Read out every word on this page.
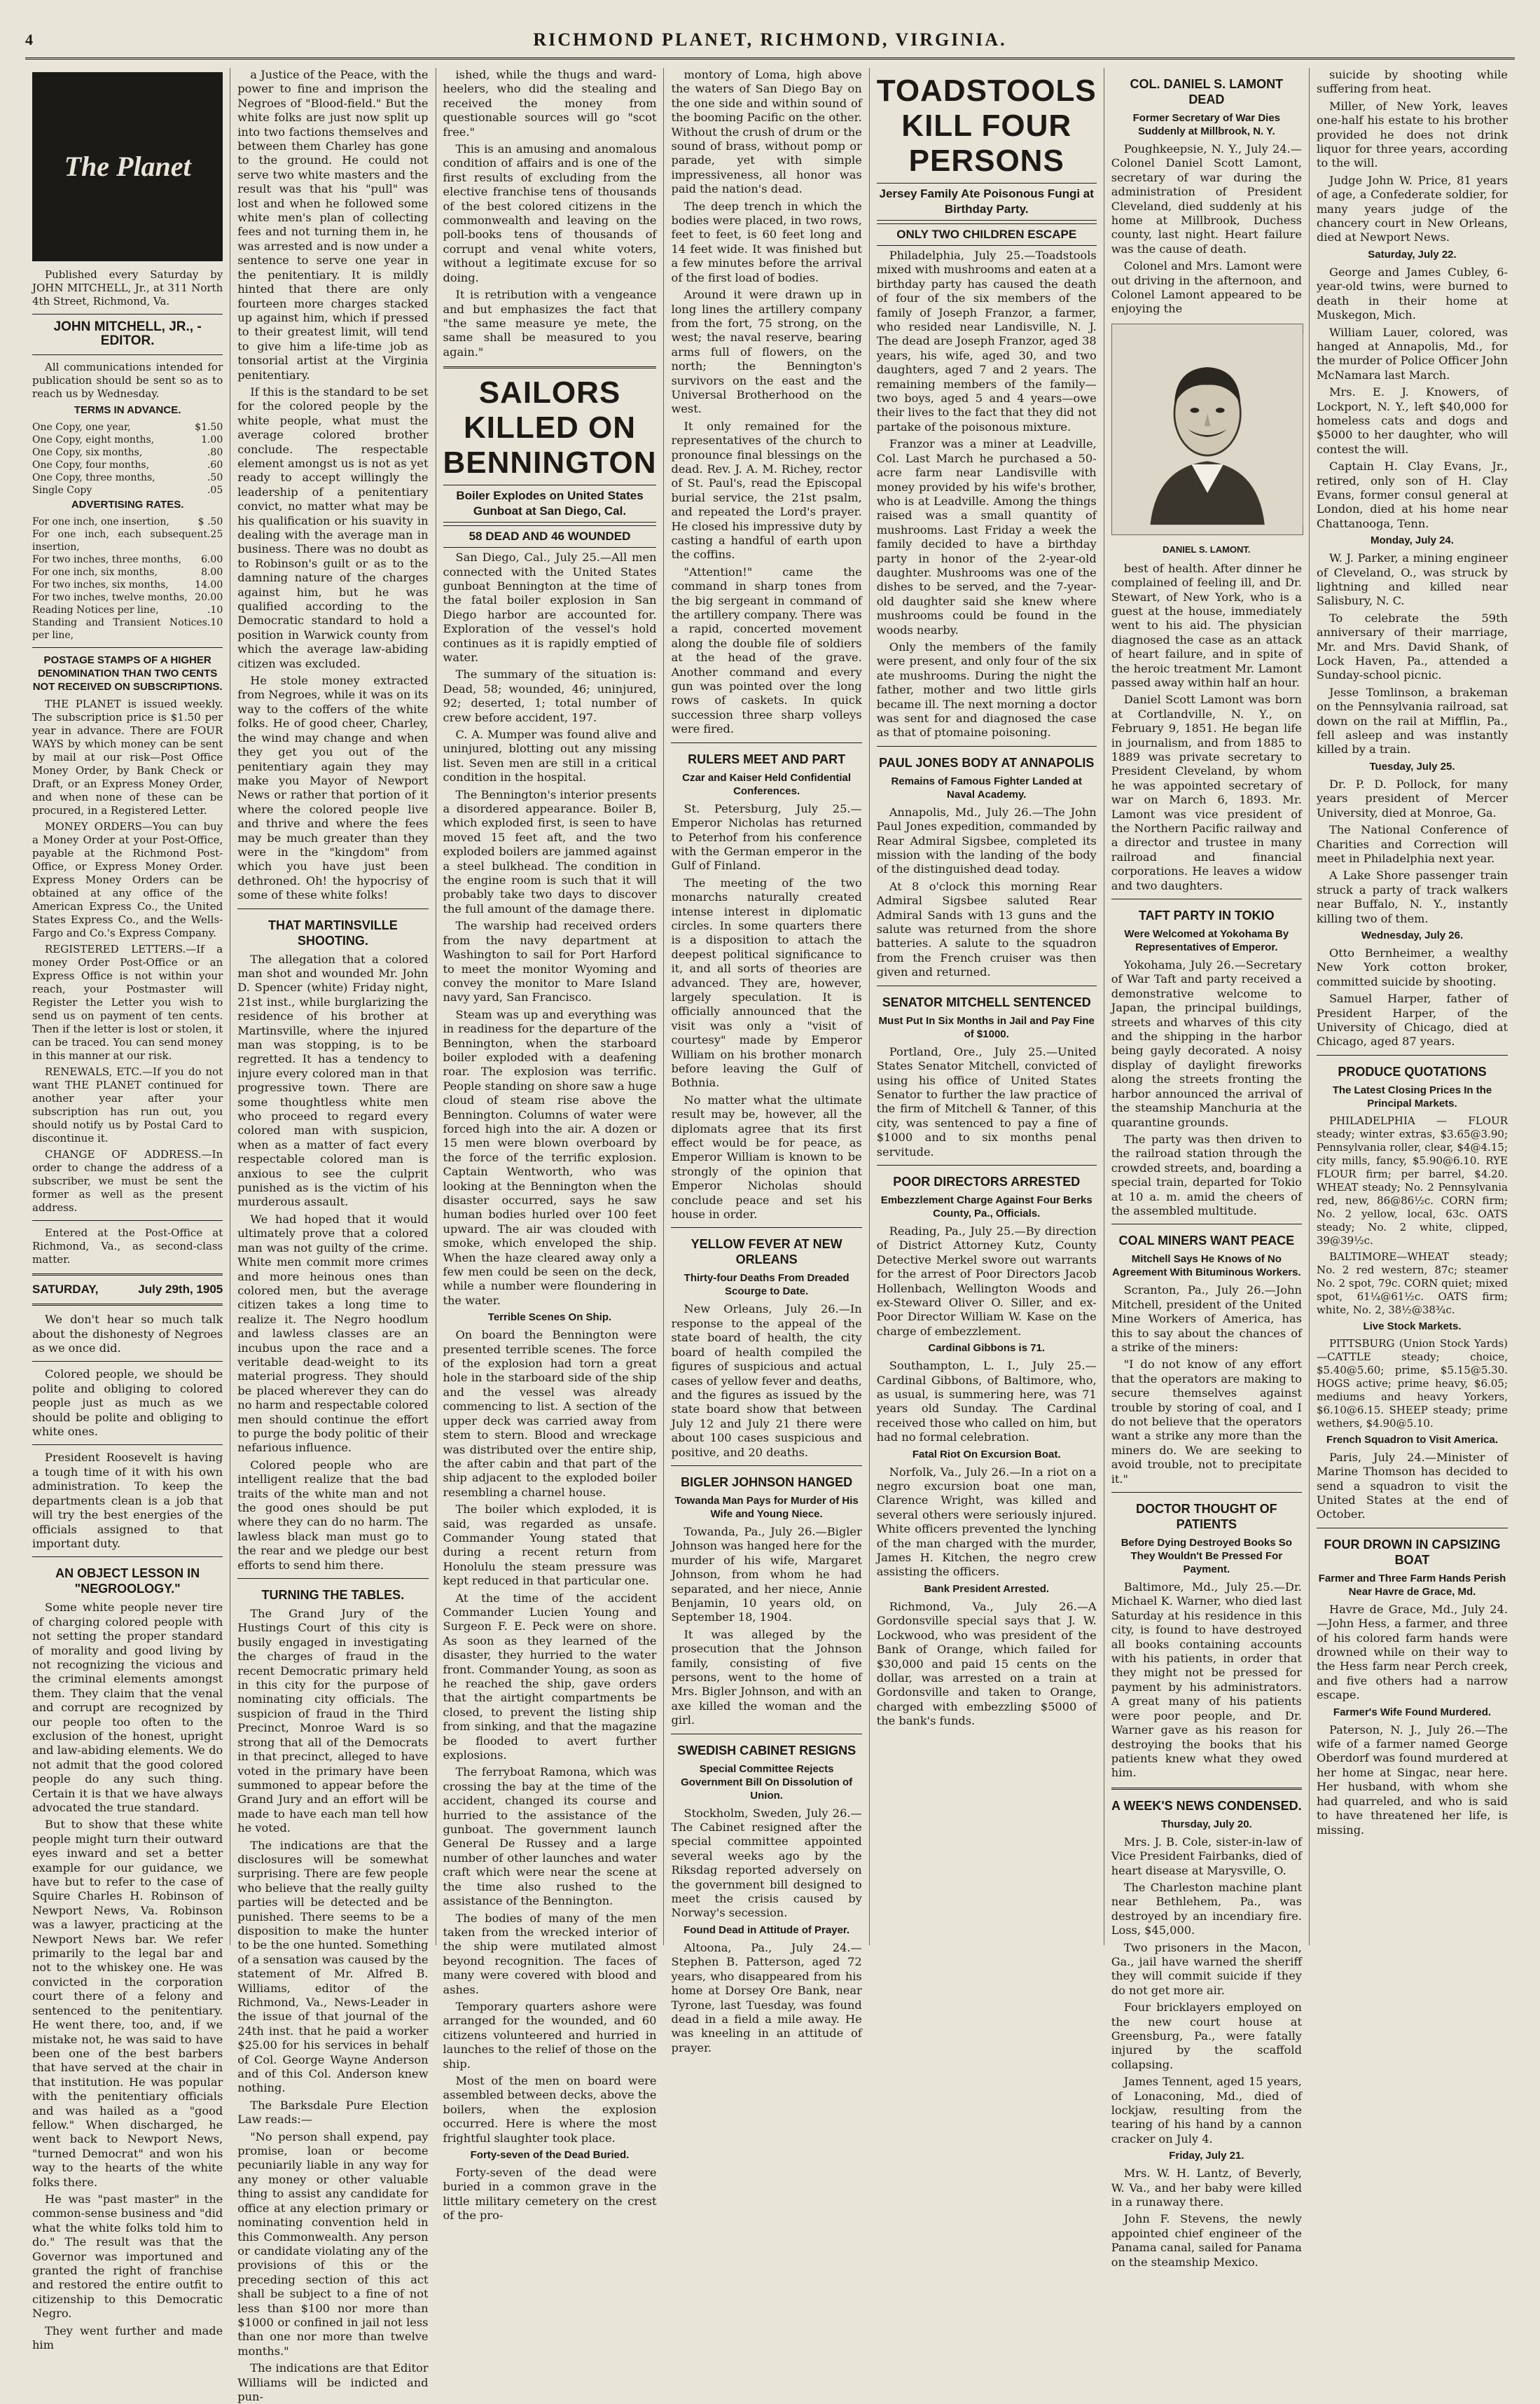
4	RICHMOND PLANET, RICHMOND, VIRGINIA.
The Planet

Published every Saturday by JOHN MITCHELL, Jr., at 311 North 4th Street, Richmond, Va.

JOHN MITCHELL, JR., - EDITOR.

All communications intended for publication should be sent so as to reach us by Wednesday.

TERMS IN ADVANCE.
One Copy, one year,	$1.50
One Copy, eight months,	1.00
One Copy, six months,	.80
One Copy, four months,	.60
One Copy, three months,	.50
Single Copy	.05
ADVERTISING RATES.
For one inch, one insertion,	$ .50
For one inch, each subsequent insertion,
.25
For two inches, three months, 6.00
For one inch, six months,	8.00
For two inches, six months,	14.00
For two inches, twelve months, 20.00
Reading Notices per line,	.10
Standing and Transient Notices per line,
.10
POSTAGE STAMPS OF A HIGHER DENOMINATION THAN TWO CENTS NOT RECEIVED ON SUBSCRIPTIONS.

THE PLANET is issued weekly. The subscription price is $1.50 per year in advance. There are FOUR WAYS by which money can be sent by mail at our risk—Post Office Money Order, by Bank Check or Draft, or an Express Money Order, and when none of these can be procured, in a Registered Letter.

MONEY ORDERS—You can buy a Money Order at your Post-Office, payable at the Richmond Post-Office, or Express Money Order. Express Money Orders can be obtained at any office of the American Express Co., the United States Express Co., and the Wells-Fargo and Co.'s Express Company.

REGISTERED LETTERS.—If a money Order Post-Office or an Express Office is not within your reach, your Postmaster will Register the Letter you wish to send us on payment of ten cents. Then if the letter is lost or stolen, it can be traced. You can send money in this manner at our risk.

RENEWALS, ETC.—If you do not want THE PLANET continued for another year after your subscription has run out, you should notify us by Postal Card to discontinue it.

CHANGE OF ADDRESS.—In order to change the address of a subscriber, we must be sent the former as well as the present address.

Entered at the Post-Office at Richmond, Va., as second-class matter.

SATURDAY,	July 29th, 1905

We don't hear so much talk about the dishonesty of Negroes as we once did.

Colored people, we should be polite and obliging to colored people just as much as we should be polite and obliging to white ones.

President Roosevelt is having a tough time of it with his own administration. To keep the departments clean is a job that will try the best energies of the officials assigned to that important duty.

AN OBJECT LESSON IN "NEGROOLOGY."

Some white people never tire of charging colored people with not setting the proper standard of morality and good living by not recognizing the vicious and the criminal elements amongst them. They claim that the venal and corrupt are recognized by our people too often to the exclusion of the honest, upright and law-abiding elements. We do not admit that the good colored people do any such thing. Certain it is that we have always advocated the true standard.

But to show that these white people might turn their outward eyes inward and set a better example for our guidance, we have but to refer to the case of Squire Charles H. Robinson of Newport News, Va. Robinson was a lawyer, practicing at the Newport News bar. We refer primarily to the legal bar and not to the whiskey one. He was convicted in the corporation court there of a felony and sentenced to the penitentiary. He went there, too, and, if we mistake not, he was said to have been one of the best barbers that have served at the chair in that institution. He was popular with the penitentiary officials and was hailed as a "good fellow." When discharged, he went back to Newport News, "turned Democrat" and won his way to the hearts of the white folks there.

He was "past master" in the common-sense business and "did what the white folks told him to do." The result was that the Governor was importuned and granted the right of franchise and restored the entire outfit to citizenship to this Democratic Negro.

They went further and made him

a Justice of the Peace, with the power to fine and imprison the Negroes of "Blood-field." But the white folks are just now split up into two factions themselves and between them Charley has gone to the ground. He could not serve two white masters and the result was that his "pull" was lost and when he followed some white men's plan of collecting fees and not turning them in, he was arrested and is now under a sentence to serve one year in the penitentiary. It is mildly hinted that there are only fourteen more charges stacked up against him, which if pressed to their greatest limit, will tend to give him a life-time job as tonsorial artist at the Virginia penitentiary.

If this is the standard to be set for the colored people by the white people, what must the average colored brother conclude. The respectable element amongst us is not as yet ready to accept willingly the leadership of a penitentiary convict, no matter what may be his qualification or his suavity in dealing with the average man in business. There was no doubt as to Robinson's guilt or as to the damning nature of the charges against him, but he was qualified according to the Democratic standard to hold a position in Warwick county from which the average law-abiding citizen was excluded.

He stole money extracted from Negroes, while it was on its way to the coffers of the white folks. He of good cheer, Charley, the wind may change and when they get you out of the penitentiary again they may make you Mayor of Newport News or rather that portion of it where the colored people live and thrive and where the fees may be much greater than they were in the "kingdom" from which you have just been dethroned. Oh! the hypocrisy of some of these white folks!

THAT MARTINSVILLE SHOOTING.

The allegation that a colored man shot and wounded Mr. John D. Spencer (white) Friday night, 21st inst., while burglarizing the residence of his brother at Martinsville, where the injured man was stopping, is to be regretted. It has a tendency to injure every colored man in that progressive town. There are some thoughtless white men who proceed to regard every colored man with suspicion, when as a matter of fact every respectable colored man is anxious to see the culprit punished as is the victim of his murderous assault.

We had hoped that it would ultimately prove that a colored man was not guilty of the crime. White men commit more crimes and more heinous ones than colored men, but the average citizen takes a long time to realize it. The Negro hoodlum and lawless classes are an incubus upon the race and a veritable dead-weight to its material progress. They should be placed wherever they can do no harm and respectable colored men should continue the effort to purge the body politic of their nefarious influence.

Colored people who are intelligent realize that the bad traits of the white man and not the good ones should be put where they can do no harm. The lawless black man must go to the rear and we pledge our best efforts to send him there.

TURNING THE TABLES.

The Grand Jury of the Hustings Court of this city is busily engaged in investigating the charges of fraud in the recent Democratic primary held in this city for the purpose of nominating city officials. The suspicion of fraud in the Third Precinct, Monroe Ward is so strong that all of the Democrats in that precinct, alleged to have voted in the primary have been summoned to appear before the Grand Jury and an effort will be made to have each man tell how he voted.

The indications are that the disclosures will be somewhat surprising. There are few people who believe that the really guilty parties will be detected and be punished. There seems to be a disposition to make the hunter to be the one hunted. Something of a sensation was caused by the statement of Mr. Alfred B. Williams, editor of the Richmond, Va., News-Leader in the issue of that journal of the 24th inst. that he paid a worker $25.00 for his services in behalf of Col. George Wayne Anderson and of this Col. Anderson knew nothing.

The Barksdale Pure Election Law reads:—

"No person shall expend, pay promise, loan or become pecuniarily liable in any way for any money or other valuable thing to assist any candidate for office at any election primary or nominating convention held in this Commonwealth. Any person or candidate violating any of the provisions of this or the preceding section of this act shall be subject to a fine of not less than $100 nor more than $1000 or confined in jail not less than one nor more than twelve months."

The indications are that Editor Williams will be indicted and pun-

ished, while the thugs and ward-heelers, who did the stealing and received the money from questionable sources will go "scot free."

This is an amusing and anomalous condition of affairs and is one of the first results of excluding from the elective franchise tens of thousands of the best colored citizens in the commonwealth and leaving on the poll-books tens of thousands of corrupt and venal white voters, without a legitimate excuse for so doing.

It is retribution with a vengeance and but emphasizes the fact that "the same measure ye mete, the same shall be measured to you again."

SAILORS KILLED ON BENNINGTON
Boiler Explodes on United States Gunboat at San Diego, Cal.
58 DEAD AND 46 WOUNDED

San Diego, Cal., July 25.—All men connected with the United States gunboat Bennington at the time of the fatal boiler explosion in San Diego harbor are accounted for. Exploration of the vessel's hold continues as it is rapidly emptied of water.

The summary of the situation is: Dead, 58; wounded, 46; uninjured, 92; deserted, 1; total number of crew before accident, 197.

C. A. Mumper was found alive and uninjured, blotting out any missing list. Seven men are still in a critical condition in the hospital.

The Bennington's interior presents a disordered appearance. Boiler B, which exploded first, is seen to have moved 15 feet aft, and the two exploded boilers are jammed against a steel bulkhead. The condition in the engine room is such that it will probably take two days to discover the full amount of the damage there.

The warship had received orders from the navy department at Washington to sail for Port Harford to meet the monitor Wyoming and convey the monitor to Mare Island navy yard, San Francisco.

Steam was up and everything was in readiness for the departure of the Bennington, when the starboard boiler exploded with a deafening roar. The explosion was terrific. People standing on shore saw a huge cloud of steam rise above the Bennington. Columns of water were forced high into the air. A dozen or 15 men were blown overboard by the force of the terrific explosion. Captain Wentworth, who was looking at the Bennington when the disaster occurred, says he saw human bodies hurled over 100 feet upward. The air was clouded with smoke, which enveloped the ship. When the haze cleared away only a few men could be seen on the deck, while a number were floundering in the water.

Terrible Scenes On Ship.

On board the Bennington were presented terrible scenes. The force of the explosion had torn a great hole in the starboard side of the ship and the vessel was already commencing to list. A section of the upper deck was carried away from stem to stern. Blood and wreckage was distributed over the entire ship, the after cabin and that part of the ship adjacent to the exploded boiler resembling a charnel house.

The boiler which exploded, it is said, was regarded as unsafe. Commander Young stated that during a recent return from Honolulu the steam pressure was kept reduced in that particular one.

At the time of the accident Commander Lucien Young and Surgeon F. E. Peck were on shore. As soon as they learned of the disaster, they hurried to the water front. Commander Young, as soon as he reached the ship, gave orders that the airtight compartments be closed, to prevent the listing ship from sinking, and that the magazine be flooded to avert further explosions.

The ferryboat Ramona, which was crossing the bay at the time of the accident, changed its course and hurried to the assistance of the gunboat. The government launch General De Russey and a large number of other launches and water craft which were near the scene at the time also rushed to the assistance of the Bennington.

The bodies of many of the men taken from the wrecked interior of the ship were mutilated almost beyond recognition. The faces of many were covered with blood and ashes.

Temporary quarters ashore were arranged for the wounded, and 60 citizens volunteered and hurried in launches to the relief of those on the ship.

Most of the men on board were assembled between decks, above the boilers, when the explosion occurred. Here is where the most frightful slaughter took place.

Forty-seven of the Dead Buried.

Forty-seven of the dead were buried in a common grave in the little military cemetery on the crest of the pro-

montory of Loma, high above the waters of San Diego Bay on the one side and within sound of the booming Pacific on the other. Without the crush of drum or the sound of brass, without pomp or parade, yet with simple impressiveness, all honor was paid the nation's dead.

The deep trench in which the bodies were placed, in two rows, feet to feet, is 60 feet long and 14 feet wide. It was finished but a few minutes before the arrival of the first load of bodies.

Around it were drawn up in long lines the artillery company from the fort, 75 strong, on the west; the naval reserve, bearing arms full of flowers, on the north; the Bennington's survivors on the east and the Universal Brotherhood on the west.

It only remained for the representatives of the church to pronounce final blessings on the dead. Rev. J. A. M. Richey, rector of St. Paul's, read the Episcopal burial service, the 21st psalm, and repeated the Lord's prayer. He closed his impressive duty by casting a handful of earth upon the coffins.

"Attention!" came the command in sharp tones from the big sergeant in command of the artillery company. There was a rapid, concerted movement along the double file of soldiers at the head of the grave. Another command and every gun was pointed over the long rows of caskets. In quick succession three sharp volleys were fired.

RULERS MEET AND PART
Czar and Kaiser Held Confidential Conferences.

St. Petersburg, July 25.—Emperor Nicholas has returned to Peterhof from his conference with the German emperor in the Gulf of Finland.

The meeting of the two monarchs naturally created intense interest in diplomatic circles. In some quarters there is a disposition to attach the deepest political significance to it, and all sorts of theories are advanced. They are, however, largely speculation. It is officially announced that the visit was only a "visit of courtesy" made by Emperor William on his brother monarch before leaving the Gulf of Bothnia.

No matter what the ultimate result may be, however, all the diplomats agree that its first effect would be for peace, as Emperor William is known to be strongly of the opinion that Emperor Nicholas should conclude peace and set his house in order.

YELLOW FEVER AT NEW ORLEANS
Thirty-four Deaths From Dreaded Scourge to Date.

New Orleans, July 26.—In response to the appeal of the state board of health, the city board of health compiled the figures of suspicious and actual cases of yellow fever and deaths, and the figures as issued by the state board show that between July 12 and July 21 there were about 100 cases suspicious and positive, and 20 deaths.

BIGLER JOHNSON HANGED
Towanda Man Pays for Murder of His Wife and Young Niece.

Towanda, Pa., July 26.—Bigler Johnson was hanged here for the murder of his wife, Margaret Johnson, from whom he had separated, and her niece, Annie Benjamin, 10 years old, on September 18, 1904.

It was alleged by the prosecution that the Johnson family, consisting of five persons, went to the home of Mrs. Bigler Johnson, and with an axe killed the woman and the girl.

SWEDISH CABINET RESIGNS
Special Committee Rejects Government Bill On Dissolution of Union.

Stockholm, Sweden, July 26.—The Cabinet resigned after the special committee appointed several weeks ago by the Riksdag reported adversely on the government bill designed to meet the crisis caused by Norway's secession.

Found Dead in Attitude of Prayer.

Altoona, Pa., July 24.—Stephen B. Patterson, aged 72 years, who disappeared from his home at Dorsey Ore Bank, near Tyrone, last Tuesday, was found dead in a field a mile away. He was kneeling in an attitude of prayer.

TOADSTOOLS KILL FOUR PERSONS
Jersey Family Ate Poisonous Fungi at Birthday Party.
ONLY TWO CHILDREN ESCAPE

Philadelphia, July 25.—Toadstools mixed with mushrooms and eaten at a birthday party has caused the death of four of the six members of the family of Joseph Franzor, a farmer, who resided near Landisville, N. J. The dead are Joseph Franzor, aged 38 years, his wife, aged 30, and two daughters, aged 7 and 2 years. The remaining members of the family—two boys, aged 5 and 4 years—owe their lives to the fact that they did not partake of the poisonous mixture.

Franzor was a miner at Leadville, Col. Last March he purchased a 50-acre farm near Landisville with money provided by his wife's brother, who is at Leadville. Among the things raised was a small quantity of mushrooms. Last Friday a week the family decided to have a birthday party in honor of the 2-year-old daughter. Mushrooms was one of the dishes to be served, and the 7-year-old daughter said she knew where mushrooms could be found in the woods nearby.

Only the members of the family were present, and only four of the six ate mushrooms. During the night the father, mother and two little girls became ill. The next morning a doctor was sent for and diagnosed the case as that of ptomaine poisoning.

PAUL JONES BODY AT ANNAPOLIS
Remains of Famous Fighter Landed at Naval Academy.

Annapolis, Md., July 26.—The John Paul Jones expedition, commanded by Rear Admiral Sigsbee, completed its mission with the landing of the body of the distinguished dead today.

At 8 o'clock this morning Rear Admiral Sigsbee saluted Rear Admiral Sands with 13 guns and the salute was returned from the shore batteries. A salute to the squadron from the French cruiser was then given and returned.

SENATOR MITCHELL SENTENCED
Must Put In Six Months in Jail and Pay Fine of $1000.

Portland, Ore., July 25.—United States Senator Mitchell, convicted of using his office of United States Senator to further the law practice of the firm of Mitchell & Tanner, of this city, was sentenced to pay a fine of $1000 and to six months penal servitude.

POOR DIRECTORS ARRESTED
Embezzlement Charge Against Four Berks County, Pa., Officials.

Reading, Pa., July 25.—By direction of District Attorney Kutz, County Detective Merkel swore out warrants for the arrest of Poor Directors Jacob Hollenbach, Wellington Woods and ex-Steward Oliver O. Siller, and ex-Poor Director William W. Kase on the charge of embezzlement.

Cardinal Gibbons is 71.

Southampton, L. I., July 25.—Cardinal Gibbons, of Baltimore, who, as usual, is summering here, was 71 years old Sunday. The Cardinal received those who called on him, but had no formal celebration.

Fatal Riot On Excursion Boat.

Norfolk, Va., July 26.—In a riot on a negro excursion boat one man, Clarence Wright, was killed and several others were seriously injured. White officers prevented the lynching of the man charged with the murder, James H. Kitchen, the negro crew assisting the officers.

Bank President Arrested.

Richmond, Va., July 26.—A Gordonsville special says that J. W. Lockwood, who was president of the Bank of Orange, which failed for $30,000 and paid 15 cents on the dollar, was arrested on a train at Gordonsville and taken to Orange, charged with embezzling $5000 of the bank's funds.

COL. DANIEL S. LAMONT DEAD
Former Secretary of War Dies Suddenly at Millbrook, N. Y.

Poughkeepsie, N. Y., July 24.—Colonel Daniel Scott Lamont, secretary of war during the administration of President Cleveland, died suddenly at his home at Millbrook, Duchess county, last night. Heart failure was the cause of death.

Colonel and Mrs. Lamont were out driving in the afternoon, and Colonel Lamont appeared to be enjoying the

DANIEL S. LAMONT.

best of health. After dinner he complained of feeling ill, and Dr. Stewart, of New York, who is a guest at the house, immediately went to his aid. The physician diagnosed the case as an attack of heart failure, and in spite of the heroic treatment Mr. Lamont passed away within half an hour.

Daniel Scott Lamont was born at Cortlandville, N. Y., on February 9, 1851. He began life in journalism, and from 1885 to 1889 was private secretary to President Cleveland, by whom he was appointed secretary of war on March 6, 1893. Mr. Lamont was vice president of the Northern Pacific railway and a director and trustee in many railroad and financial corporations. He leaves a widow and two daughters.

TAFT PARTY IN TOKIO
Were Welcomed at Yokohama By Representatives of Emperor.

Yokohama, July 26.—Secretary of War Taft and party received a demonstrative welcome to Japan, the principal buildings, streets and wharves of this city and the shipping in the harbor being gayly decorated. A noisy display of daylight fireworks along the streets fronting the harbor announced the arrival of the steamship Manchuria at the quarantine grounds.

The party was then driven to the railroad station through the crowded streets, and, boarding a special train, departed for Tokio at 10 a. m. amid the cheers of the assembled multitude.

COAL MINERS WANT PEACE
Mitchell Says He Knows of No Agreement With Bituminous Workers.

Scranton, Pa., July 26.—John Mitchell, president of the United Mine Workers of America, has this to say about the chances of a strike of the miners:

"I do not know of any effort that the operators are making to secure themselves against trouble by storing of coal, and I do not believe that the operators want a strike any more than the miners do. We are seeking to avoid trouble, not to precipitate it."

DOCTOR THOUGHT OF PATIENTS
Before Dying Destroyed Books So They Wouldn't Be Pressed For Payment.

Baltimore, Md., July 25.—Dr. Michael K. Warner, who died last Saturday at his residence in this city, is found to have destroyed all books containing accounts with his patients, in order that they might not be pressed for payment by his administrators. A great many of his patients were poor people, and Dr. Warner gave as his reason for destroying the books that his patients knew what they owed him.

A WEEK'S NEWS CONDENSED.
Thursday, July 20.

Mrs. J. B. Cole, sister-in-law of Vice President Fairbanks, died of heart disease at Marysville, O.

The Charleston machine plant near Bethlehem, Pa., was destroyed by an incendiary fire. Loss, $45,000.

Two prisoners in the Macon, Ga., jail have warned the sheriff they will commit suicide if they do not get more air.

Four bricklayers employed on the new court house at Greensburg, Pa., were fatally injured by the scaffold collapsing.

James Tennent, aged 15 years, of Lonaconing, Md., died of lockjaw, resulting from the tearing of his hand by a cannon cracker on July 4.

Friday, July 21.

Mrs. W. H. Lantz, of Beverly, W. Va., and her baby were killed in a runaway there.

John F. Stevens, the newly appointed chief engineer of the Panama canal, sailed for Panama on the steamship Mexico.

suicide by shooting while suffering from heat.

Miller, of New York, leaves one-half his estate to his brother provided he does not drink liquor for three years, according to the will.

Judge John W. Price, 81 years of age, a Confederate soldier, for many years judge of the chancery court in New Orleans, died at Newport News.

Saturday, July 22.

George and James Cubley, 6-year-old twins, were burned to death in their home at Muskegon, Mich.

William Lauer, colored, was hanged at Annapolis, Md., for the murder of Police Officer John McNamara last March.

Mrs. E. J. Knowers, of Lockport, N. Y., left $40,000 for homeless cats and dogs and $5000 to her daughter, who will contest the will.

Captain H. Clay Evans, Jr., retired, only son of H. Clay Evans, former consul general at London, died at his home near Chattanooga, Tenn.

Monday, July 24.

W. J. Parker, a mining engineer of Cleveland, O., was struck by lightning and killed near Salisbury, N. C.

To celebrate the 59th anniversary of their marriage, Mr. and Mrs. David Shank, of Lock Haven, Pa., attended a Sunday-school picnic.

Jesse Tomlinson, a brakeman on the Pennsylvania railroad, sat down on the rail at Mifflin, Pa., fell asleep and was instantly killed by a train.

Tuesday, July 25.

Dr. P. D. Pollock, for many years president of Mercer University, died at Monroe, Ga.

The National Conference of Charities and Correction will meet in Philadelphia next year.

A Lake Shore passenger train struck a party of track walkers near Buffalo, N. Y., instantly killing two of them.

Wednesday, July 26.

Otto Bernheimer, a wealthy New York cotton broker, committed suicide by shooting.

Samuel Harper, father of President Harper, of the University of Chicago, died at Chicago, aged 87 years.

PRODUCE QUOTATIONS
The Latest Closing Prices In the Principal Markets.

PHILADELPHIA — FLOUR steady; winter extras, $3.65@3.90; Pennsylvania roller, clear, $4@4.15; city mills, fancy, $5.90@6.10. RYE FLOUR firm; per barrel, $4.20. WHEAT steady; No. 2 Pennsylvania red, new, 86@86½c. CORN firm; No. 2 yellow, local, 63c. OATS steady; No. 2 white, clipped, 39@39½c.

BALTIMORE—WHEAT steady; No. 2 red western, 87c; steamer No. 2 spot, 79c. CORN quiet; mixed spot, 61¼@61½c. OATS firm; white, No. 2, 38½@38¾c.

Live Stock Markets.

PITTSBURG (Union Stock Yards)—CATTLE steady; choice, $5.40@5.60; prime, $5.15@5.30. HOGS active; prime heavy, $6.05; mediums and heavy Yorkers, $6.10@6.15. SHEEP steady; prime wethers, $4.90@5.10.

French Squadron to Visit America.

Paris, July 24.—Minister of Marine Thomson has decided to send a squadron to visit the United States at the end of October.

FOUR DROWN IN CAPSIZING BOAT
Farmer and Three Farm Hands Perish Near Havre de Grace, Md.

Havre de Grace, Md., July 24.—John Hess, a farmer, and three of his colored farm hands were drowned while on their way to the Hess farm near Perch creek, and five others had a narrow escape.

Farmer's Wife Found Murdered.

Paterson, N. J., July 26.—The wife of a farmer named George Oberdorf was found murdered at her home at Singac, near here. Her husband, with whom she had quarreled, and who is said to have threatened her life, is missing.
